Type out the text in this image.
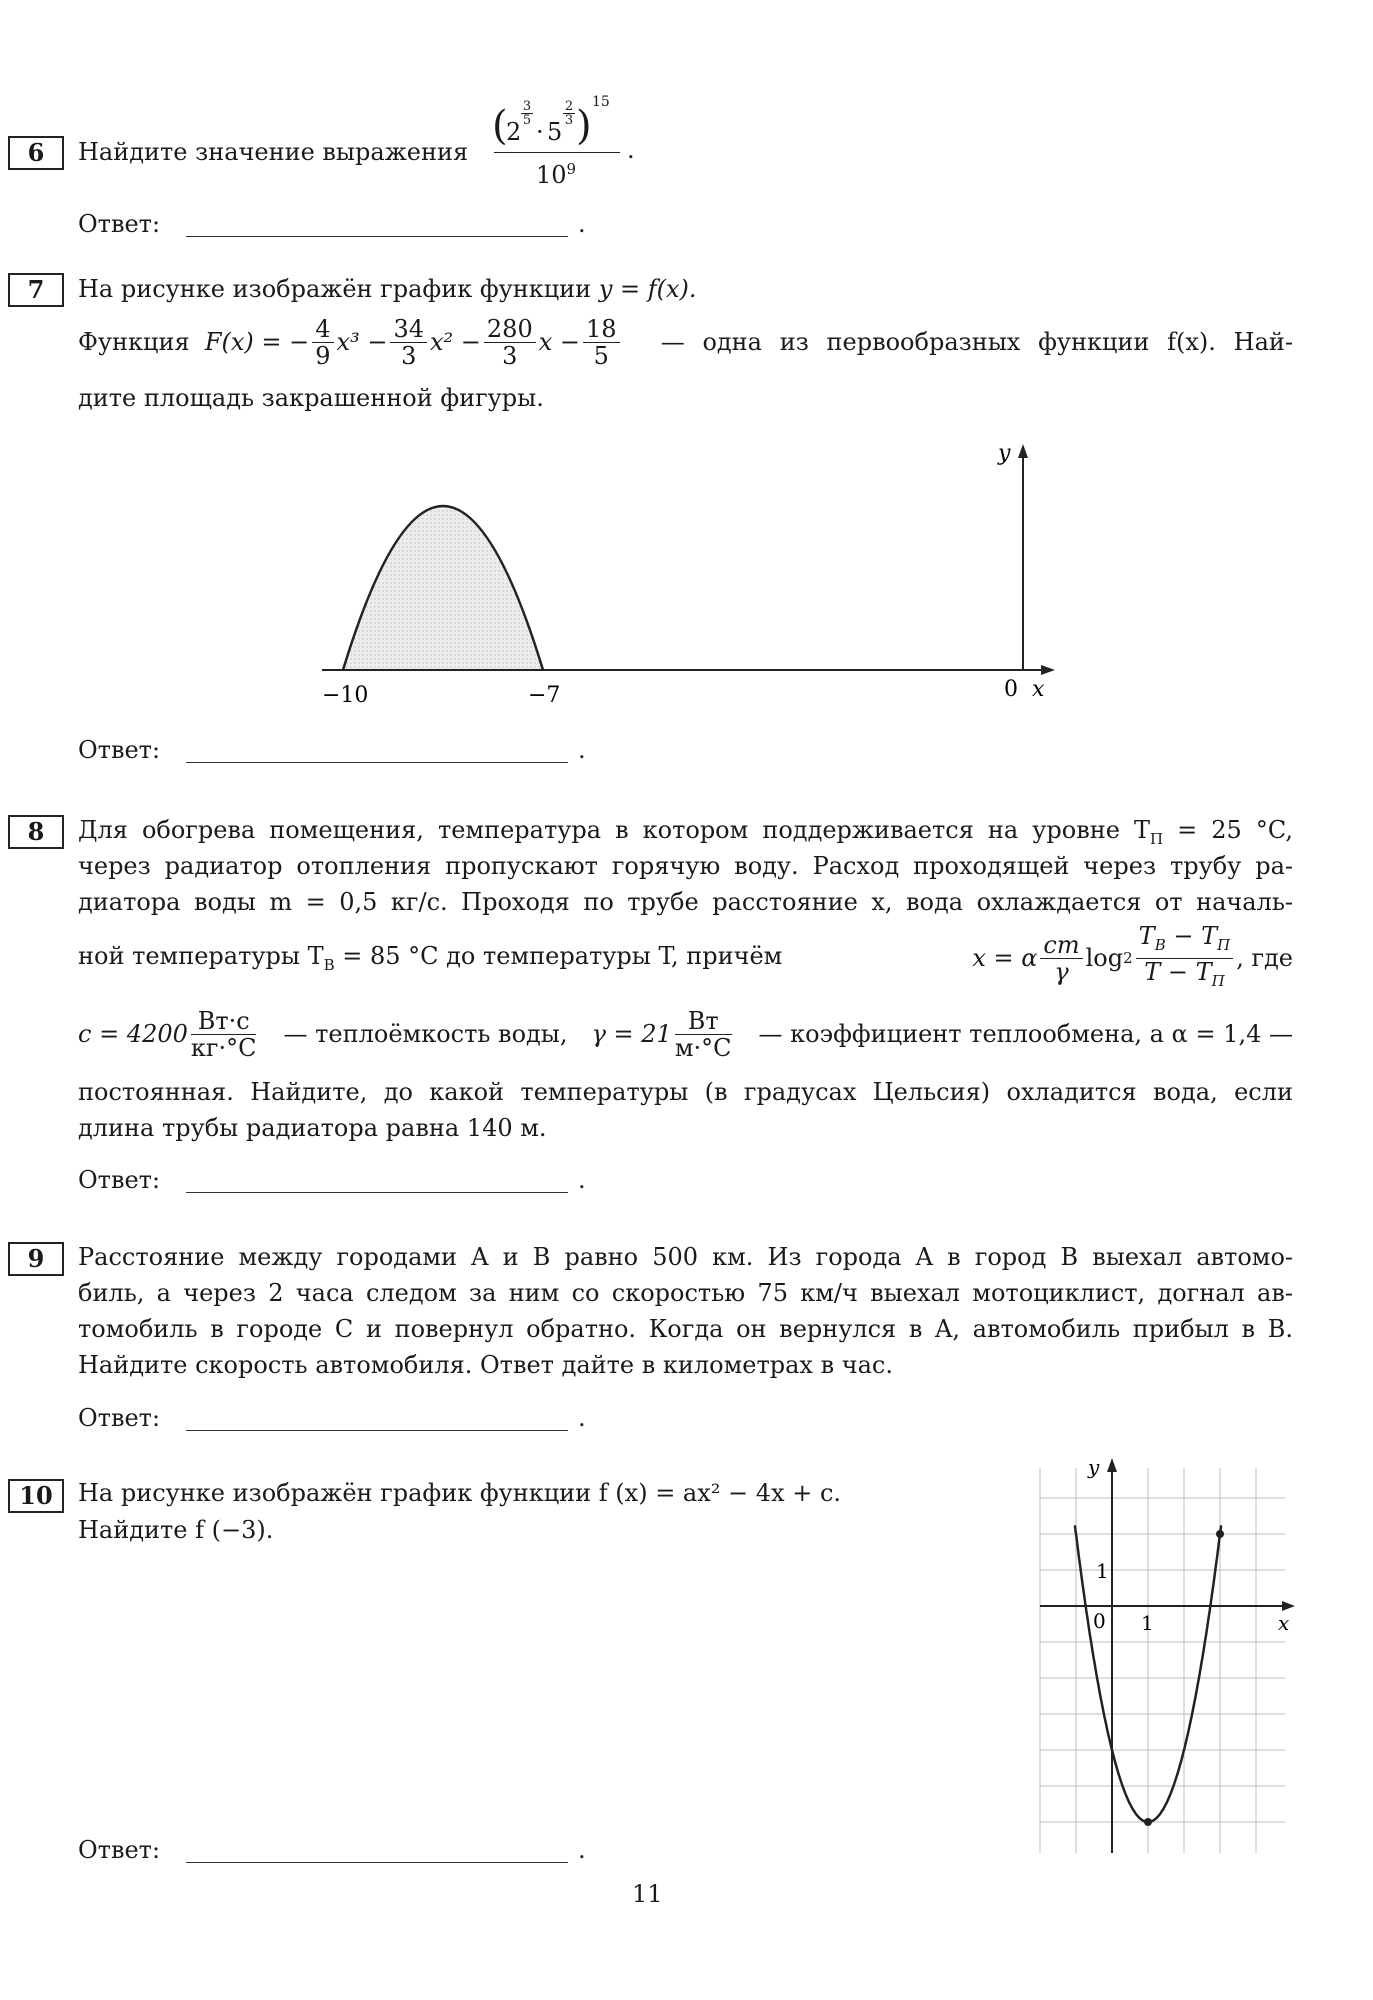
6	Найдите значение выражения
(
2
3
5 · 5
2
3 )
15
$10^9$
.
Ответ:	.
7	На рисунке изображён график функции y = f(x).
Функция
F(x) = − $\frac{4}{9} x^3 - \frac{34}{3} x^2 - \frac{280}{3}$ $x - \frac{18}{5}$
— одна из первообразных функции f(x). Най-
дите площадь закрашенной фигуры.
y
x
0
−10	−7
Ответ:	.
8	Для обогрева помещения, температура в котором поддерживается на уровне $T_П = 25$ °C,
через радиатор отопления пропускают горячую воду. Расход проходящей через трубу ра-
диатора воды m = 0,5 кг/с. Проходя по трубе расстояние x, вода охлаждается от началь-
ной температуры $T_В = 85$ °C до температуры T, причём	x = α $\frac{cm}{\gamma}$ $\log 2 \frac{T_В - T_П}{T - T_П}$ , где
$c = 4200 \frac{Вт\cdot с}{кг\cdot^\circ C}$ — теплоёмкость воды, $\gamma = 21 \frac{Вт}{м\cdot^\circ C}$ — коэффициент теплообмена, а α = 1,4 —
постоянная. Найдите, до какой температуры (в градусах Цельсия) охладится вода, если
длина трубы радиатора равна 140 м.
Ответ:	.
9	Расстояние между городами A и B равно 500 км. Из города A в город B выехал автомо-
биль, а через 2 часа следом за ним со скоростью 75 км/ч выехал мотоциклист, догнал ав-
томобиль в городе C и повернул обратно. Когда он вернулся в A, автомобиль прибыл в B.
Найдите скорость автомобиля. Ответ дайте в километрах в час.
Ответ:	.
10	На рисунке изображён график функции f (x) = ax² − 4x + c.
Найдите f (−3).
y
x
0 1
1
Ответ:	.
11
